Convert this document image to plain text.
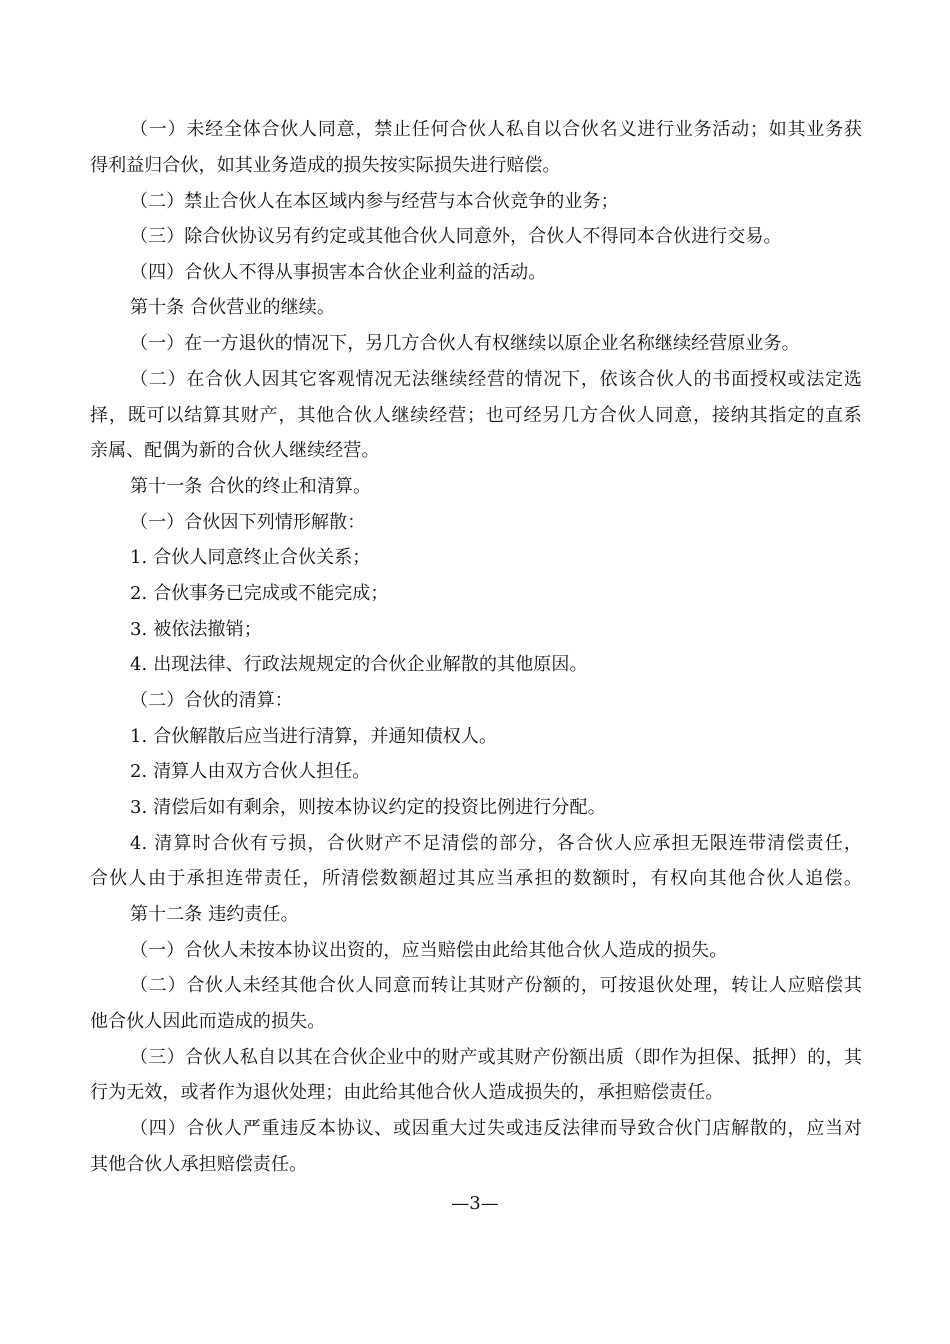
（一）未经全体合伙人同意，禁止任何合伙人私自以合伙名义进行业务活动；如其业务获
得利益归合伙，如其业务造成的损失按实际损失进行赔偿。
（二）禁止合伙人在本区域内参与经营与本合伙竞争的业务；
（三）除合伙协议另有约定或其他合伙人同意外，合伙人不得同本合伙进行交易。
（四）合伙人不得从事损害本合伙企业利益的活动。
第十条 合伙营业的继续。
（一）在一方退伙的情况下，另几方合伙人有权继续以原企业名称继续经营原业务。
（二）在合伙人因其它客观情况无法继续经营的情况下，依该合伙人的书面授权或法定选
择，既可以结算其财产，其他合伙人继续经营；也可经另几方合伙人同意，接纳其指定的直系
亲属、配偶为新的合伙人继续经营。
第十一条 合伙的终止和清算。
（一）合伙因下列情形解散：
1. 合伙人同意终止合伙关系；
2. 合伙事务已完成或不能完成；
3. 被依法撤销；
4. 出现法律、行政法规规定的合伙企业解散的其他原因。
（二）合伙的清算：
1. 合伙解散后应当进行清算，并通知债权人。
2. 清算人由双方合伙人担任。
3. 清偿后如有剩余，则按本协议约定的投资比例进行分配。
4. 清算时合伙有亏损，合伙财产不足清偿的部分，各合伙人应承担无限连带清偿责任，
合伙人由于承担连带责任，所清偿数额超过其应当承担的数额时，有权向其他合伙人追偿。
第十二条 违约责任。
（一）合伙人未按本协议出资的，应当赔偿由此给其他合伙人造成的损失。
（二）合伙人未经其他合伙人同意而转让其财产份额的，可按退伙处理，转让人应赔偿其
他合伙人因此而造成的损失。
（三）合伙人私自以其在合伙企业中的财产或其财产份额出质（即作为担保、抵押）的，其
行为无效，或者作为退伙处理；由此给其他合伙人造成损失的，承担赔偿责任。
（四）合伙人严重违反本协议、或因重大过失或违反法律而导致合伙门店解散的，应当对
其他合伙人承担赔偿责任。
—3—
